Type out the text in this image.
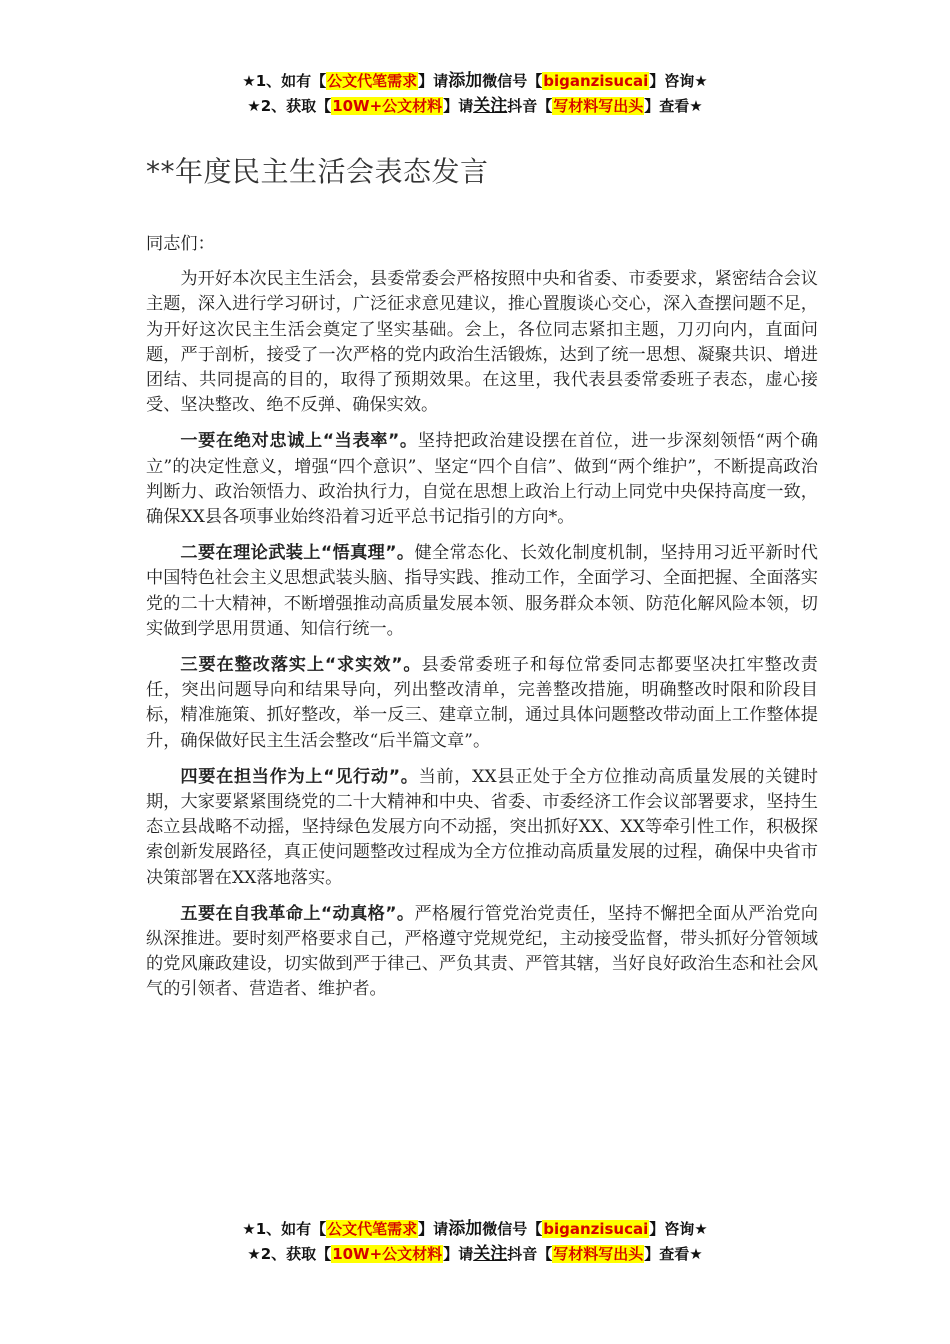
★1、如有【公文代笔需求】请添加微信号【biganzisucai】咨询★
★2、获取【10W+公文材料】请关注抖音【写材料写出头】查看★
**年度民主生活会表态发言

同志们：

为开好本次民主生活会，县委常委会严格按照中央和省委、市委要求，紧密结合会议主题，深入进行学习研讨，广泛征求意见建议，推心置腹谈心交心，深入查摆问题不足，为开好这次民主生活会奠定了坚实基础。会上，各位同志紧扣主题，刀刃向内，直面问题，严于剖析，接受了一次严格的党内政治生活锻炼，达到了统一思想、凝聚共识、增进团结、共同提高的目的，取得了预期效果。在这里，我代表县委常委班子表态，虚心接受、坚决整改、绝不反弹、确保实效。

一要在绝对忠诚上“当表率”。坚持把政治建设摆在首位，进一步深刻领悟“两个确立”的决定性意义，增强“四个意识”、坚定“四个自信”、做到“两个维护”，不断提高政治判断力、政治领悟力、政治执行力，自觉在思想上政治上行动上同党中央保持高度一致，确保XX县各项事业始终沿着习近平总书记指引的方向*。

二要在理论武装上“悟真理”。健全常态化、长效化制度机制，坚持用习近平新时代中国特色社会主义思想武装头脑、指导实践、推动工作，全面学习、全面把握、全面落实党的二十大精神，不断增强推动高质量发展本领、服务群众本领、防范化解风险本领，切实做到学思用贯通、知信行统一。

三要在整改落实上“求实效”。县委常委班子和每位常委同志都要坚决扛牢整改责任，突出问题导向和结果导向，列出整改清单，完善整改措施，明确整改时限和阶段目标，精准施策、抓好整改，举一反三、建章立制，通过具体问题整改带动面上工作整体提升，确保做好民主生活会整改“后半篇文章”。

四要在担当作为上“见行动”。当前，XX县正处于全方位推动高质量发展的关键时期，大家要紧紧围绕党的二十大精神和中央、省委、市委经济工作会议部署要求，坚持生态立县战略不动摇，坚持绿色发展方向不动摇，突出抓好XX、XX等牵引性工作，积极探索创新发展路径，真正使问题整改过程成为全方位推动高质量发展的过程，确保中央省市决策部署在XX落地落实。

五要在自我革命上“动真格”。严格履行管党治党责任，坚持不懈把全面从严治党向纵深推进。要时刻严格要求自己，严格遵守党规党纪，主动接受监督，带头抓好分管领域的党风廉政建设，切实做到严于律己、严负其责、严管其辖，当好良好政治生态和社会风气的引领者、营造者、维护者。

★1、如有【公文代笔需求】请添加微信号【biganzisucai】咨询★
★2、获取【10W+公文材料】请关注抖音【写材料写出头】查看★
